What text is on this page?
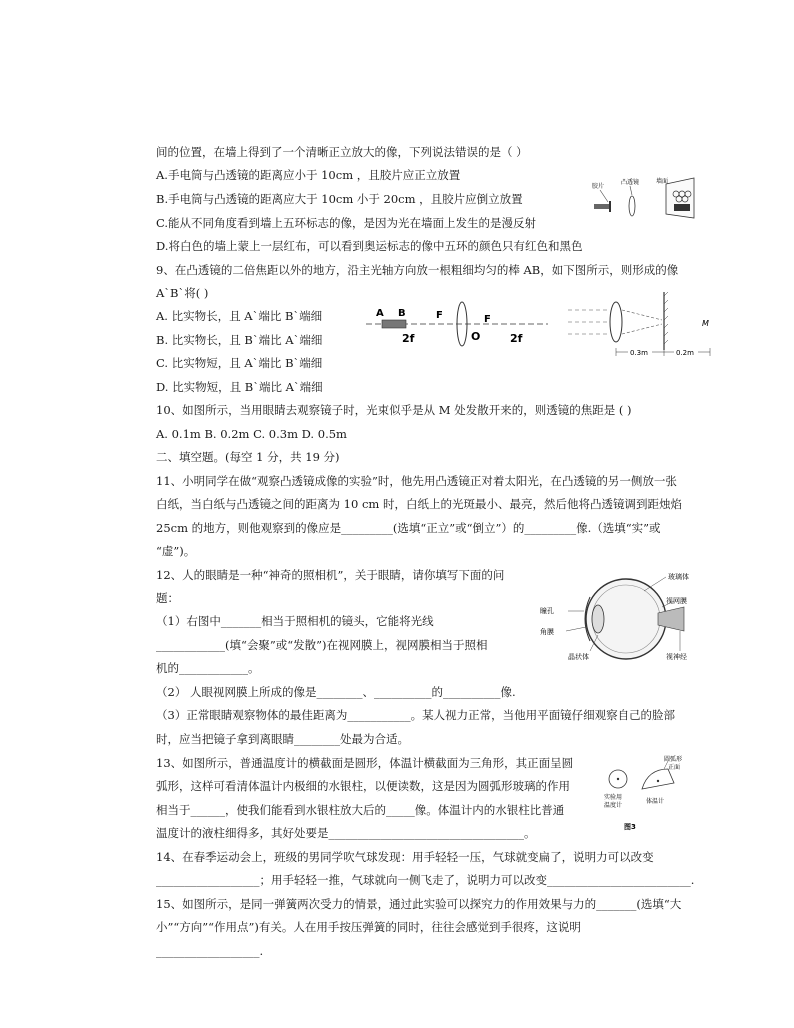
间的位置，在墙上得到了一个清晰正立放大的像，下列说法错误的是（ ）
A.手电筒与凸透镜的距离应小于 10cm ，且胶片应正立放置
B.手电筒与凸透镜的距离应大于 10cm 小于 20cm ，且胶片应倒立放置
C.能从不同角度看到墙上五环标志的像，是因为光在墙面上发生的是漫反射
D.将白色的墙上蒙上一层红布，可以看到奥运标志的像中五环的颜色只有红色和黑色
胶片
凸透镜	墙面
9、在凸透镜的二倍焦距以外的地方，沿主光轴方向放一根粗细均匀的棒 AB，如下图所示，则形成的像
A`B`将( )
A. 比实物长，且 A`端比 B`端细
B. 比实物长，且 B`端比 A`端细
C. 比实物短，且 A`端比 B`端细
D. 比实物短，且 B`端比 A`端细
A B	F	F
O
2f	2f
M
0.3m	0.2m
10、如图所示，当用眼睛去观察镜子时，光束似乎是从 M 处发散开来的，则透镜的焦距是 ( )
A. 0.1m B. 0.2m C. 0.3m D. 0.5m
二、填空题。(每空 1 分，共 19 分)
11、小明同学在做“观察凸透镜成像的实验”时，他先用凸透镜正对着太阳光，在凸透镜的另一侧放一张
白纸，当白纸与凸透镜之间的距离为 10 cm 时，白纸上的光斑最小、最亮，然后他将凸透镜调到距烛焰
25cm 的地方，则他观察到的像应是_________(选填“正立”或“倒立”）的_________像.（选填“实”或
“虚”)。
12、人的眼睛是一种“神奇的照相机”，关于眼睛，请你填写下面的问
题：
（1）右图中_______相当于照相机的镜头，它能将光线
____________(填“会聚”或“发散”)在视网膜上，视网膜相当于照相
机的____________。
（2） 人眼视网膜上所成的像是________、__________的__________像.
（3）正常眼睛观察物体的最佳距离为___________。某人视力正常，当他用平面镜仔细观察自己的脸部
时，应当把镜子拿到离眼睛________处最为合适。
玻璃体
视网膜
瞳孔
角膜
晶状体	视神经
13、如图所示，普通温度计的横截面是圆形，体温计横截面为三角形，其正面呈圆
弧形，这样可看清体温计内极细的水银柱，以便读数，这是因为圆弧形玻璃的作用
相当于______，使我们能看到水银柱放大后的_____像。体温计内的水银柱比普通
温度计的液柱细得多，其好处要是__________________________________。
圆弧形
正面
实验用
温度计
体温计
图3
14、在春季运动会上，班级的男同学吹气球发现：用手轻轻一压，气球就变扁了，说明力可以改变
__________________；用手轻轻一推，气球就向一侧飞走了，说明力可以改变_________________________.
15、如图所示，是同一弹簧两次受力的情景，通过此实验可以探究力的作用效果与力的_______(选填“大
小”“方向”“作用点”)有关。人在用手按压弹簧的同时，往往会感觉到手很疼，这说明
__________________.
